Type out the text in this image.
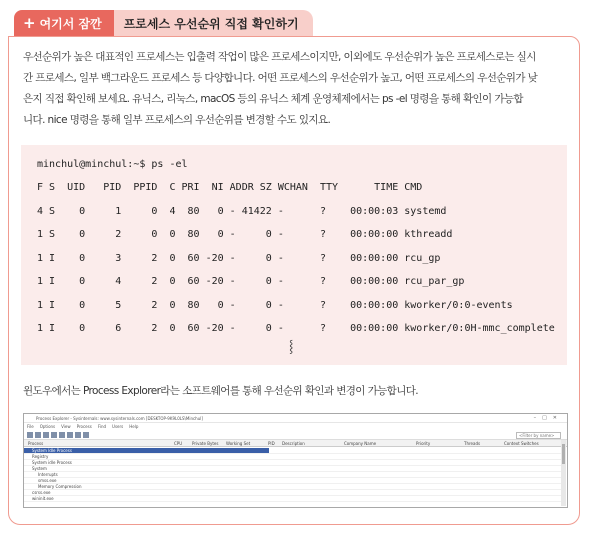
+ 여기서 잠깐	프로세스 우선순위 직접 확인하기
우선순위가 높은 대표적인 프로세스는 입출력 작업이 많은 프로세스이지만, 이외에도 우선순위가 높은 프로세스로는 실시
간 프로세스, 일부 백그라운드 프로세스 등 다양합니다. 어떤 프로세스의 우선순위가 높고, 어떤 프로세스의 우선순위가 낮
은지 직접 확인해 보세요. 유닉스, 리눅스, macOS 등의 유닉스 체계 운영체제에서는 ps -el 명령을 통해 확인이 가능합
니다. nice 명령을 통해 일부 프로세스의 우선순위를 변경할 수도 있지요.
minchul@minchul:~$ ps -el
F S  UID   PID  PPID  C PRI  NI ADDR SZ WCHAN  TTY      TIME CMD
4 S    0     1     0  4  80   0 - 41422 -      ?    00:00:03 systemd
1 S    0     2     0  0  80   0 -     0 -      ?    00:00:00 kthreadd
1 I    0     3     2  0  60 -20 -     0 -      ?    00:00:00 rcu_gp
1 I    0     4     2  0  60 -20 -     0 -      ?    00:00:00 rcu_par_gp
1 I    0     5     2  0  80   0 -     0 -      ?    00:00:00 kworker/0:0-events
1 I    0     6     2  0  60 -20 -     0 -      ?    00:00:00 kworker/0:0H-mmc_complete
⸾
윈도우에서는 Process Explorer라는 소프트웨어를 통해 우선순위 확인과 변경이 가능합니다.
Process Explorer - Sysinternals: www.sysinternals.com [DESKTOP-9K9L0LS\Minchul]	–□✕
File Options View Process Find Users Help
<Filter by name>
Process	CPU Private Bytes Working Set	PID Description	Company Name	Priority	Threads	Context Switches
System Idle Process
Registry
System idle Process
System
Interrupts
smss.exe
Memory Compression
csrss.exe
wininit.exe
